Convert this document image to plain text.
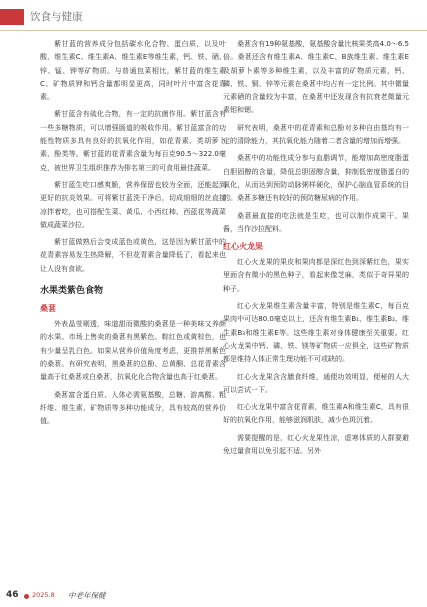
饮食与健康

紫甘蓝的营养成分包括碳水化合物、蛋白质，以及叶酸、维生素C、维生素A、维生素E等维生素，钙、铁、硒、锌、锰、钾等矿物质。与普通包菜相比，紫甘蓝的维生素C、矿物质钾和钙含量都明显更高，同时叶片中富含花青素。

紫甘蓝含有硫化合物，有一定的抗菌作用。紫甘蓝含有一些多糖物质，可以增强肠道的吸收作用。紫甘蓝富含的功能性物质多具有良好的抗氧化作用，如花青素、类胡萝卜素、酚类等。紫甘蓝的花青素含量为每百克90.5～322.0毫克，被世界卫生组织推荐为排名第三的可食用最佳蔬菜。

紫甘蓝生吃口感爽脆，营养保留也较为全面，还能起到更好的抗炎效果。可将紫甘蓝洗干净后，切成细细的丝直接凉拌着吃，也可搭配生菜、黄瓜、小西红柿、西蓝花等蔬菜做成蔬菜沙拉。

紫甘蓝做熟后会变成蓝色或黄色，这是因为紫甘蓝中的花青素容易发生热降解，不但花青素含量降低了，看起来也让人没有食欲。

水果类紫色食物
桑葚

外表晶莹剔透，味道甜而微酸的桑葚是一种美味又养颜的水果。市场上售卖的桑葚有黑紫色、粽红色或黄棕色，也有少量呈乳白色。如果从营养价值角度考虑，更推荐黑紫色的桑葚。有研究表明，黑桑葚的总酚、总黄酮、总花青素含量高于红桑葚或白桑葚，抗氧化化合物含量也高于红桑葚。

桑葚富含蛋白质、人体必需氨基酸，总糖、游离酸、粗纤维、维生素、矿物质等多种功能成分，具有较高的营养价值。

桑葚含有19种氨基酸，氨基酸含量比核果类高4.0～6.5倍。桑葚还含有维生素A、维生素C、B族维生素、维生素E及胡萝卜素等多种维生素，以及丰富的矿物质元素，钙、磷、铁、铜、锌等元素在桑葚中均占有一定比例。其中微量元素硒的含量较为丰富，在桑葚中还发现含有抗衰老微量元素钼和锶。

研究表明，桑葚中的花青素和总酚对多种自由基均有一定的清除能力，其抗氧化能力随着二者含量的增加而增强。

桑葚中的功能性成分参与血脂调节，能增加高密度脂蛋白胆固醇的含量，降低总胆固醇含量，抑制低密度脂蛋白的氧化，从而达到预防动脉粥样硬化，保护心脑血管系统的目的。桑葚多糖还有较好的预防糖尿病的作用。

桑葚最直接的吃法就是生吃，也可以制作成果干、果酱，当作沙拉配料。

红心火龙果

红心火龙果的果皮和果肉都是深红色到深紫红色，果实里面含有微小的黑色种子，看起来像芝麻，类似于奇异果的种子。

红心火龙果维生素含量丰富，特别是维生素C，每百克果肉中可达80.0毫克以上，还含有维生素B₁、维生素B₂、维生素B₃和维生素E等。这些维生素对身体健康至关重要。红心火龙果中钙、磷、铁、镁等矿物质一应俱全，这些矿物质都是维持人体正常生理功能不可或缺的。

红心火龙果含含膳食纤维，通便功效明显，便秘的人大可以尝试一下。

红心火龙果中富含花青素，维生素A和维生素C，具有很好的抗氧化作用，能够滋润肌肤，减少色斑沉着。

需要提醒的是，红心火龙果性凉，虚寒体质的人群要避免过量食用以免引起不适。另外

46 2025.8 中老年保健
